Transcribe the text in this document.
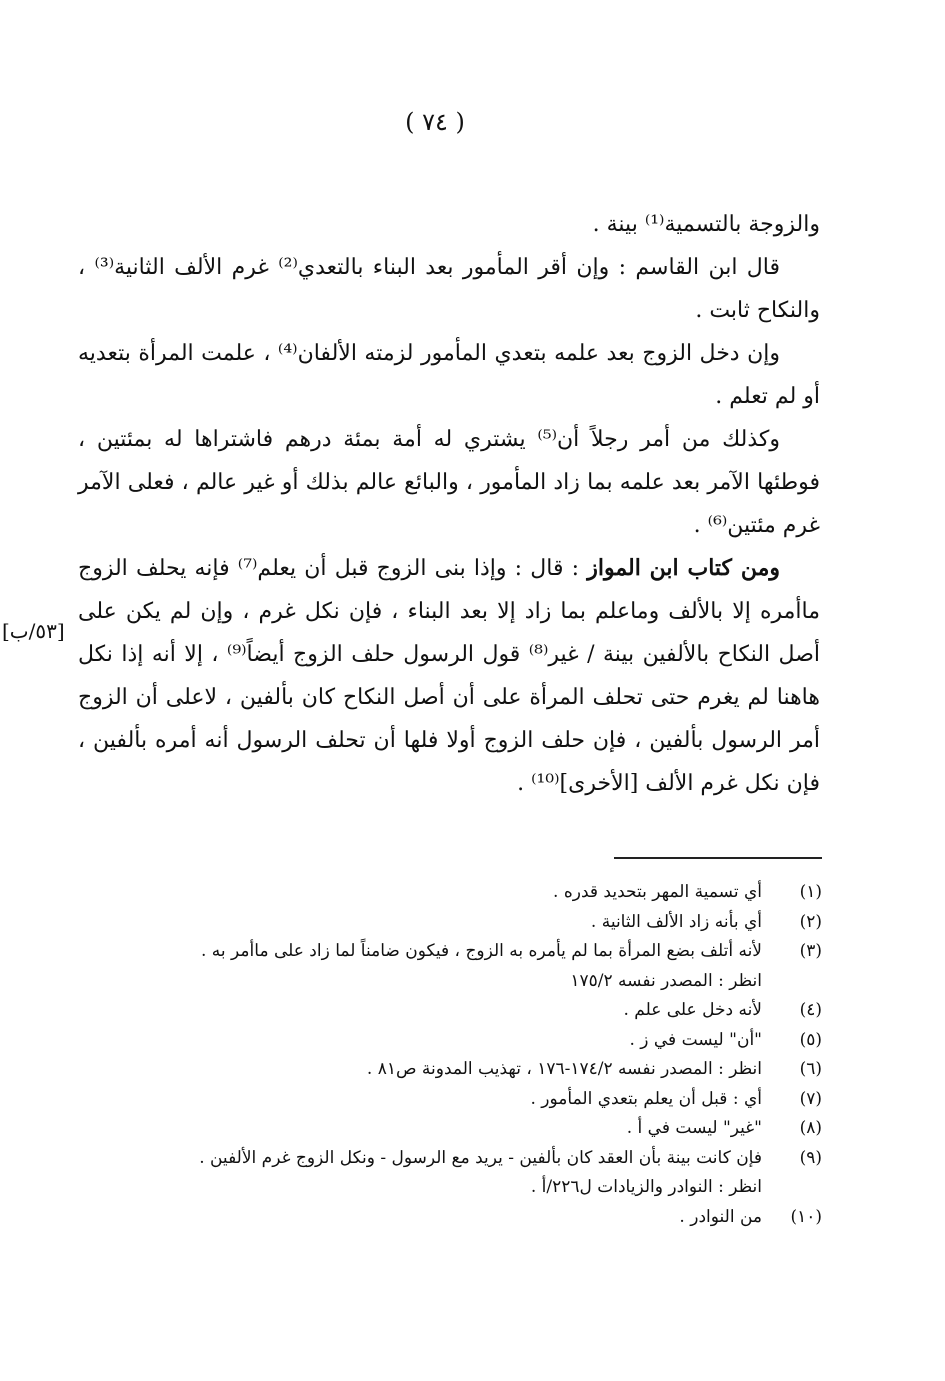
( ٧٤ )
[٥٣/ب]

والزوجة بالتسمية⁽¹⁾ بينة .

قال ابن القاسم : وإن أقر المأمور بعد البناء بالتعدي⁽²⁾ غرم الألف الثانية⁽³⁾ ، والنكاح ثابت .

وإن دخل الزوج بعد علمه بتعدي المأمور لزمته الألفان⁽⁴⁾ ، علمت المرأة بتعديه أو لم تعلم .

وكذلك من أمر رجلاً أن⁽⁵⁾ يشتري له أمة بمئة درهم فاشتراها له بمئتين ، فوطئها الآمر بعد علمه بما زاد المأمور ، والبائع عالم بذلك أو غير عالم ، فعلى الآمر غرم مئتين⁽⁶⁾ .

ومن كتاب ابن المواز : قال : وإذا بنى الزوج قبل أن يعلم⁽⁷⁾ فإنه يحلف الزوج ماأمره إلا بالألف وماعلم بما زاد إلا بعد البناء ، فإن نكل غرم ، وإن لم يكن على أصل النكاح بالألفين بينة / غير⁽⁸⁾ قول الرسول حلف الزوج أيضاً⁽⁹⁾ ، إلا أنه إذا نكل هاهنا لم يغرم حتى تحلف المرأة على أن أصل النكاح كان بألفين ، لاعلى أن الزوج أمر الرسول بألفين ، فإن حلف الزوج أولا فلها أن تحلف الرسول أنه أمره بألفين ، فإن نكل غرم الألف [الأخرى]⁽¹⁰⁾ .

(١)
أي تسمية المهر بتحديد قدره .
(٢)
أي بأنه زاد الألف الثانية .
(٣)
لأنه أتلف بضع المرأة بما لم يأمره به الزوج ، فيكون ضامناً لما زاد على ماأمر به .
انظر : المصدر نفسه ١٧٥/٢
(٤)
لأنه دخل على علم .
(٥)
"أن" ليست في ز .
(٦)
انظر : المصدر نفسه ١٧٤/٢-١٧٦ ، تهذيب المدونة ص٨١ .
(٧)
أي : قبل أن يعلم بتعدي المأمور .
(٨)
"غير" ليست في أ .
(٩)
فإن كانت بينة بأن العقد كان بألفين - يريد مع الرسول - ونكل الزوج غرم الألفين .
انظر : النوادر والزيادات ل٢٢٦/أ .
(١٠)
من النوادر .
